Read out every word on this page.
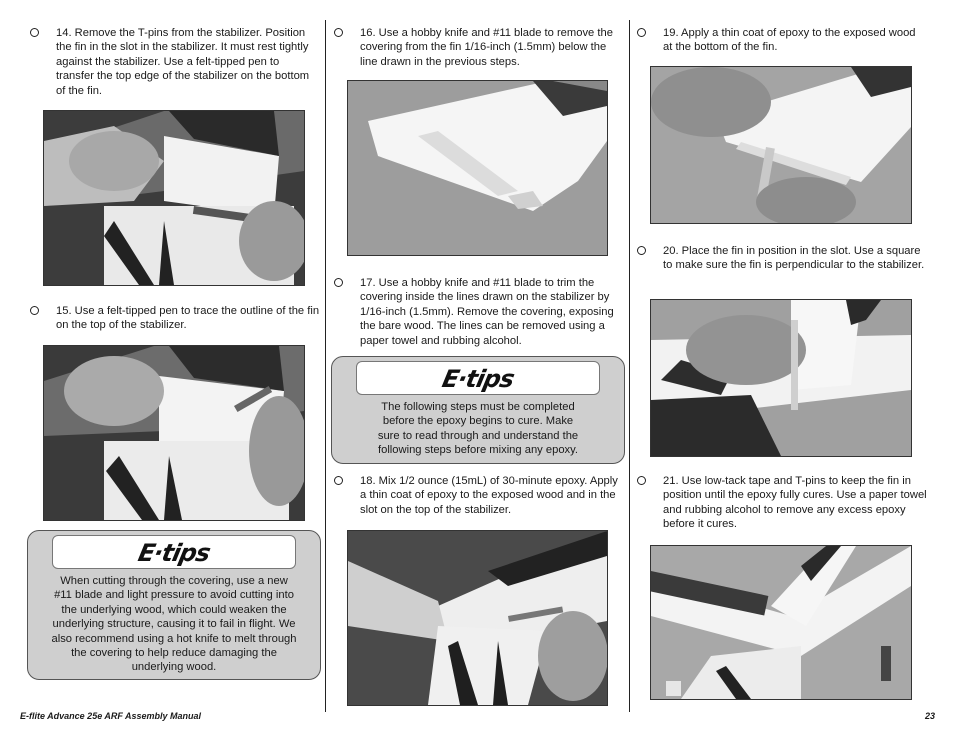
14. Remove the T-pins from the stabilizer. Position the fin in the slot in the stabilizer. It must rest tightly against the stabilizer. Use a felt-tipped pen to transfer the top edge of the stabilizer on the bottom of the fin.
15. Use a felt-tipped pen to trace the outline of the fin on the top of the stabilizer.
E·tips
When cutting through the covering, use a new #11 blade and light pressure to avoid cutting into the underlying wood, which could weaken the underlying structure, causing it to fail in flight. We also recommend using a hot knife to melt through the covering to help reduce damaging the underlying wood.
16. Use a hobby knife and #11 blade to remove the covering from the fin 1/16-inch (1.5mm) below the line drawn in the previous steps.
17. Use a hobby knife and #11 blade to trim the covering inside the lines drawn on the stabilizer by 1/16-inch (1.5mm). Remove the covering, exposing the bare wood. The lines can be removed using a paper towel and rubbing alcohol.
E·tips
The following steps must be completed before the epoxy begins to cure. Make sure to read through and understand the following steps before mixing any epoxy.
18. Mix 1/2 ounce (15mL) of 30-minute epoxy. Apply a thin coat of epoxy to the exposed wood and in the slot on the top of the stabilizer.
19. Apply a thin coat of epoxy to the exposed wood at the bottom of the fin.
20. Place the fin in position in the slot. Use a square to make sure the fin is perpendicular to the stabilizer.
21. Use low-tack tape and T-pins to keep the fin in position until the epoxy fully cures. Use a paper towel and rubbing alcohol to remove any excess epoxy before it cures.
E-flite Advance 25e ARF Assembly Manual	23
